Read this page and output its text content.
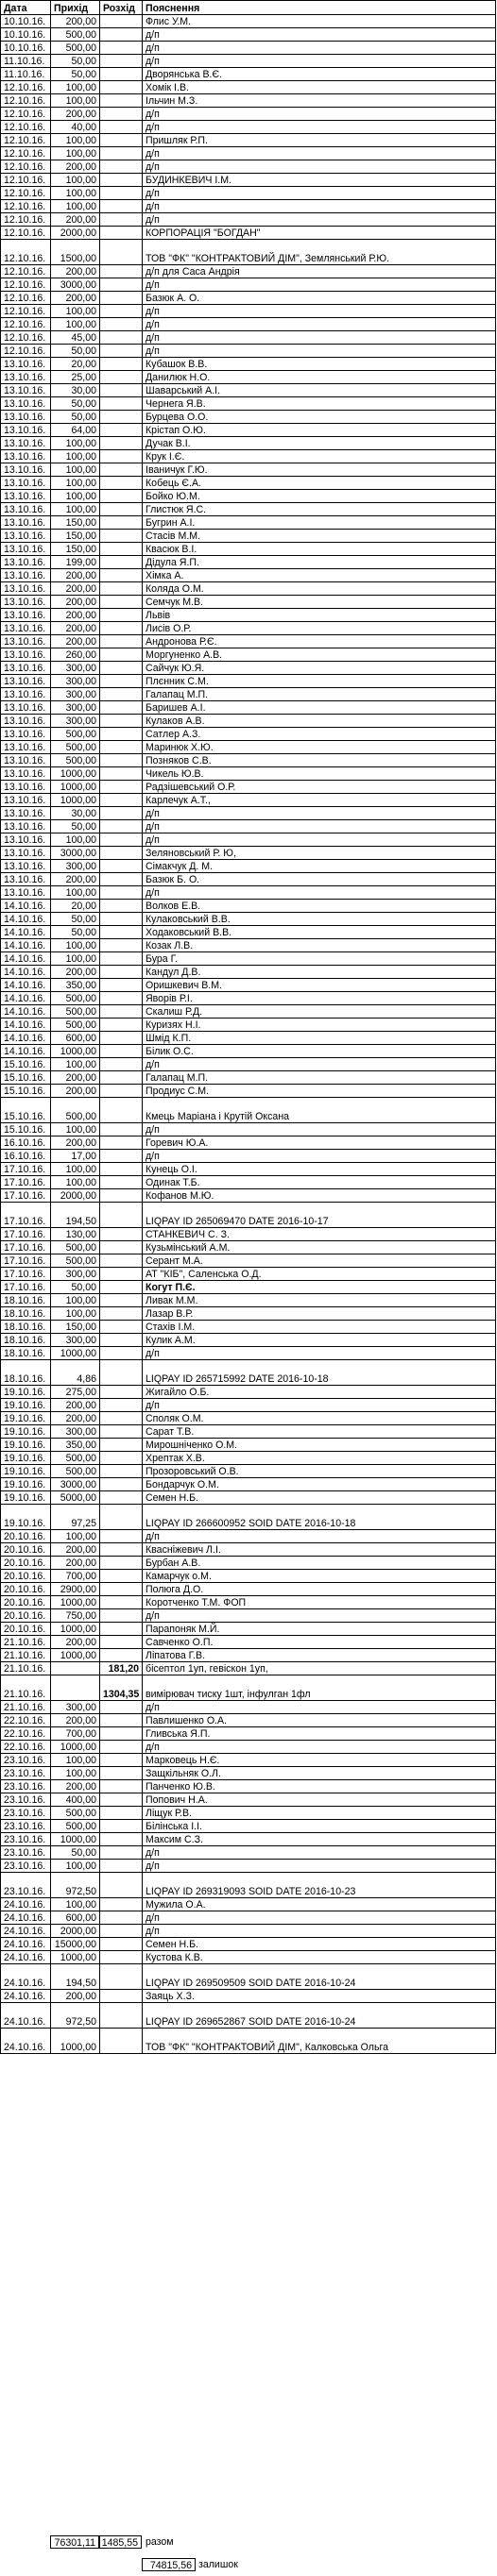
Дата	Прихід	Розхід	Пояснення
10.10.16.	200,00		Флис У.М.
10.10.16.	500,00		д/п
10.10.16.	500,00		д/п
11.10.16.	50,00		д/п
11.10.16.	50,00		Дворянська В.Є.
12.10.16.	100,00		Хомік І.В.
12.10.16.	100,00		Ільчин М.З.
12.10.16.	200,00		д/п
12.10.16.	40,00		д/п
12.10.16.	100,00		Пришляк Р.П.
12.10.16.	100,00		д/п
12.10.16.	200,00		д/п
12.10.16.	100,00		БУДИНКЕВИЧ І.М.
12.10.16.	100,00		д/п
12.10.16.	100,00		д/п
12.10.16.	200,00		д/п
12.10.16.	2000,00		КОРПОРАЦІЯ "БОГДАН"
12.10.16.	1500,00		ТОВ "ФК" "КОНТРАКТОВИЙ ДІМ", Землянський Р.Ю.
12.10.16.	200,00		д/п для Саса Андрія
12.10.16.	3000,00		д/п
12.10.16.	200,00		Базюк А. О.
12.10.16.	100,00		д/п
12.10.16.	100,00		д/п
12.10.16.	45,00		д/п
12.10.16.	50,00		д/п
13.10.16.	20,00		Кубашок В.В.
13.10.16.	25,00		Данилюк Н.О.
13.10.16.	30,00		Шаварський А.І.
13.10.16.	50,00		Чернега Я.В.
13.10.16.	50,00		Бурцева О.О.
13.10.16.	64,00		Крістап О.Ю.
13.10.16.	100,00		Дучак В.І.
13.10.16.	100,00		Крук І.Є.
13.10.16.	100,00		Іваничук Г.Ю.
13.10.16.	100,00		Кобець Є.А.
13.10.16.	100,00		Бойко Ю.М.
13.10.16.	100,00		Глистюк Я.С.
13.10.16.	150,00		Бугрин А.І.
13.10.16.	150,00		Стасів М.М.
13.10.16.	150,00		Квасюк В.І.
13.10.16.	199,00		Дідула Я.П.
13.10.16.	200,00		Хімка А.
13.10.16.	200,00		Коляда О.М.
13.10.16.	200,00		Семчук М.В.
13.10.16.	200,00		Львів
13.10.16.	200,00		Лисів О.Р.
13.10.16.	200,00		Андронова Р.Є.
13.10.16.	260,00		Моргуненко А.В.
13.10.16.	300,00		Сайчук Ю.Я.
13.10.16.	300,00		Плєнник С.М.
13.10.16.	300,00		Галапац М.П.
13.10.16.	300,00		Баришев А.І.
13.10.16.	300,00		Кулаков А.В.
13.10.16.	500,00		Сатлер А.З.
13.10.16.	500,00		Маринюк Х.Ю.
13.10.16.	500,00		Позняков С.В.
13.10.16.	1000,00		Чикель Ю.В.
13.10.16.	1000,00		Радзішевський О.Р.
13.10.16.	1000,00		Карлечук А.Т.,
13.10.16.	30,00		д/п
13.10.16.	50,00		д/п
13.10.16.	100,00		д/п
13.10.16.	3000,00		Зеляновський Р. Ю,
13.10.16.	300,00		Сімакчук Д. М.
13.10.16.	200,00		Базюк Б. О.
13.10.16.	100,00		д/п
14.10.16.	20,00		Волков Е.В.
14.10.16.	50,00		Кулаковський В.В.
14.10.16.	50,00		Ходаковський В.В.
14.10.16.	100,00		Козак Л.В.
14.10.16.	100,00		Бура Г.
14.10.16.	200,00		Кандул Д.В.
14.10.16.	350,00		Оришкевич В.М.
14.10.16.	500,00		Яворів Р.І.
14.10.16.	500,00		Скалиш Р.Д.
14.10.16.	500,00		Куризях Н.І.
14.10.16.	600,00		Шмід К.П.
14.10.16.	1000,00		Білик О.С.
15.10.16.	100,00		д/п
15.10.16.	200,00		Галапац М.П.
15.10.16.	200,00		Продиус С.М.
15.10.16.	500,00		Кмець Маріана і Крутій Оксана
15.10.16.	100,00		д/п
16.10.16.	200,00		Горевич Ю.А.
16.10.16.	17,00		д/п
17.10.16.	100,00		Кунець О.І.
17.10.16.	100,00		Одинак Т.Б.
17.10.16.	2000,00		Кофанов М.Ю.
17.10.16.	194,50		LIQPAY ID 265069470 DATE 2016-10-17
17.10.16.	130,00		СТАНКЕВИЧ С. З.
17.10.16.	500,00		Кузьмінський А.М.
17.10.16.	500,00		Серант М.А.
17.10.16.	300,00		АТ "КІБ", Саленська О.Д.
17.10.16.	50,00		Когут П.Є.
18.10.16.	100,00		Ливак М.М.
18.10.16.	100,00		Лазар В.Р.
18.10.16.	150,00		Стахів І.М.
18.10.16.	300,00		Кулик А.М.
18.10.16.	1000,00		д/п
18.10.16.	4,86		LIQPAY ID 265715992 DATE 2016-10-18
19.10.16.	275,00		Жигайло О.Б.
19.10.16.	200,00		д/п
19.10.16.	200,00		Споляк О.М.
19.10.16.	300,00		Сарат Т.В.
19.10.16.	350,00		Мирошніченко О.М.
19.10.16.	500,00		Хрептак Х.В.
19.10.16.	500,00		Прозоровський О.В.
19.10.16.	3000,00		Бондарчук О.М.
19.10.16.	5000,00		Семен Н.Б.
19.10.16.	97,25		LIQPAY ID 266600952 SOID DATE 2016-10-18
20.10.16.	100,00		д/п
20.10.16.	200,00		Квасніжевич Л.І.
20.10.16.	200,00		Бурбан А.В.
20.10.16.	700,00		Камарчук о.М.
20.10.16.	2900,00		Полюга Д.О.
20.10.16.	1000,00		Коротченко Т.М. ФОП
20.10.16.	750,00		д/п
20.10.16.	1000,00		Парапоняк М.Й.
21.10.16.	200,00		Савченко О.П.
21.10.16.	1000,00		Ліпатова Г.В.
21.10.16.		181,20	бісептол 1уп, гевіскон 1уп,
21.10.16.		1304,35	вимірювач тиску 1шт, інфулган 1фл
21.10.16.	300,00		д/п
22.10.16.	200,00		Павлишенко О.А.
22.10.16.	700,00		Гливська Я.П.
22.10.16.	1000,00		д/п
23.10.16.	100,00		Марковець Н.Є.
23.10.16.	100,00		Защкільняк О.Л.
23.10.16.	200,00		Панченко Ю.В.
23.10.16.	400,00		Попович Н.А.
23.10.16.	500,00		Ліщук Р.В.
23.10.16.	500,00		Білінська І.І.
23.10.16.	1000,00		Максим С.З.
23.10.16.	50,00		д/п
23.10.16.	100,00		д/п
23.10.16.	972,50		LIQPAY ID 269319093 SOID DATE 2016-10-23
24.10.16.	100,00		Мужила О.А.
24.10.16.	600,00		д/п
24.10.16.	2000,00		д/п
24.10.16.	15000,00		Семен Н.Б.
24.10.16.	1000,00		Кустова К.В.
24.10.16.	194,50		LIQPAY ID 269509509 SOID DATE 2016-10-24
24.10.16.	200,00		Заяць Х.З.
24.10.16.	972,50		LIQPAY ID 269652867 SOID DATE 2016-10-24
24.10.16.	1000,00		ТОВ "ФК" "КОНТРАКТОВИЙ ДІМ", Калковська Ольга
76301,11 1485,55 разом
74815,56 залишок
